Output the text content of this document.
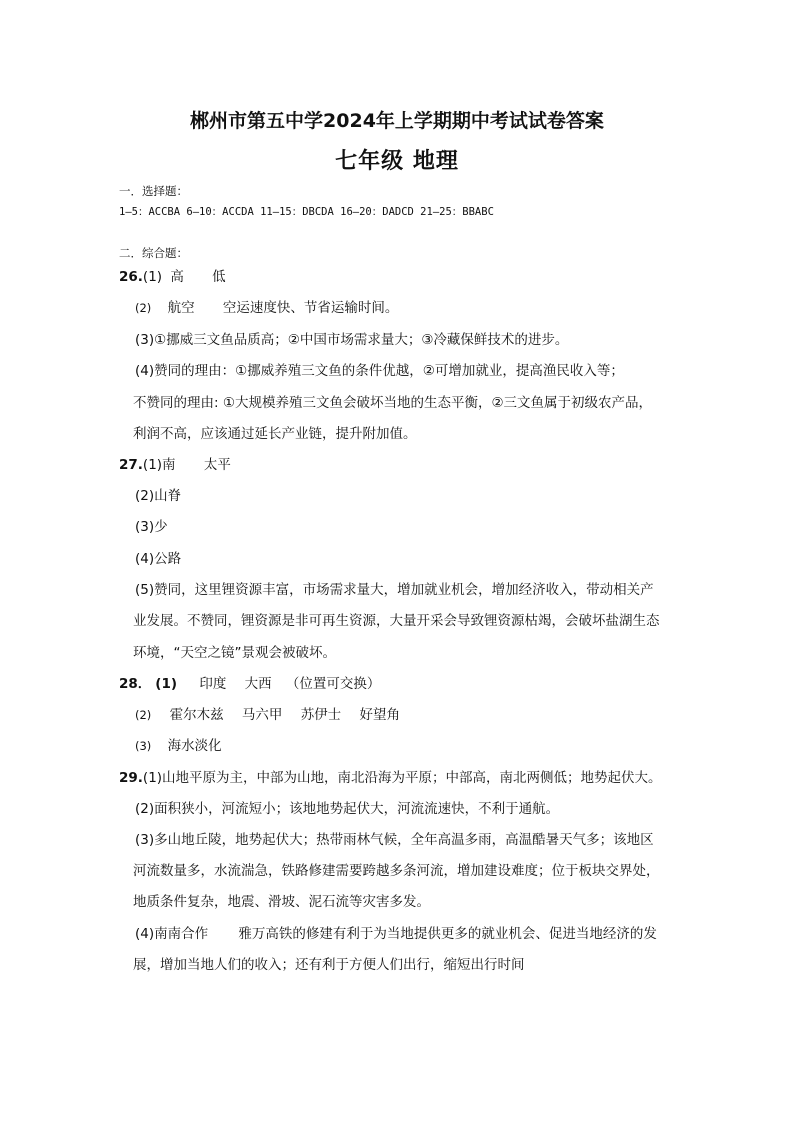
郴州市第五中学2024年上学期期中考试试卷答案
七年级 地理
一．选择题：
1—5：ACCBA 6—10：ACCDA 11—15：DBCDA 16—20：DADCD 21—25：BBABC
二．综合题：
26.(1) 高 低
(2) 航空 空运速度快、节省运输时间。
(3)①挪威三文鱼品质高；②中国市场需求量大；③冷藏保鲜技术的进步。
(4)赞同的理由：①挪威养殖三文鱼的条件优越，②可增加就业，提高渔民收入等；
不赞同的理由: ①大规模养殖三文鱼会破坏当地的生态平衡，②三文鱼属于初级农产品，
利润不高，应该通过延长产业链，提升附加值。
27.(1)南 太平
(2)山脊
(3)少
(4)公路
(5)赞同，这里锂资源丰富，市场需求量大，增加就业机会，增加经济收入，带动相关产
业发展。不赞同，锂资源是非可再生资源，大量开采会导致锂资源枯竭，会破坏盐湖生态
环境，“天空之镜”景观会被破坏。
28． (1) 印度 大西 （位置可交换）
(2) 霍尔木兹 马六甲 苏伊士 好望角
(3) 海水淡化
29.(1)山地平原为主，中部为山地，南北沿海为平原；中部高，南北两侧低；地势起伏大。
(2)面积狭小，河流短小；该地地势起伏大，河流流速快，不利于通航。
(3)多山地丘陵，地势起伏大；热带雨林气候，全年高温多雨，高温酷暑天气多；该地区
河流数量多，水流湍急，铁路修建需要跨越多条河流，增加建设难度；位于板块交界处，
地质条件复杂，地震、滑坡、泥石流等灾害多发。
(4)南南合作 雅万高铁的修建有利于为当地提供更多的就业机会、促进当地经济的发
展，增加当地人们的收入；还有利于方便人们出行，缩短出行时间
